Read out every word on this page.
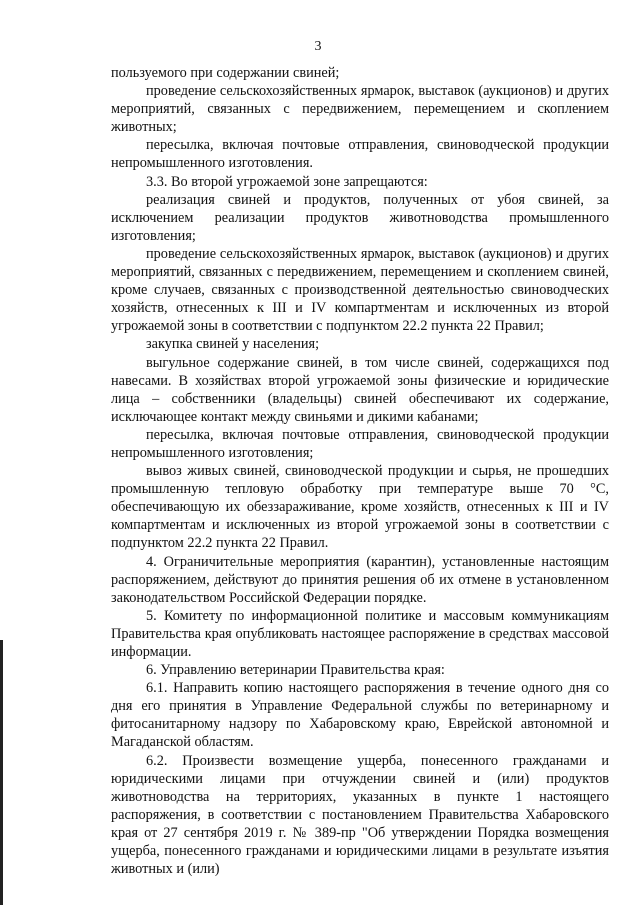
3

пользуемого при содержании свиней;

проведение сельскохозяйственных ярмарок, выставок (аукционов) и других мероприятий, связанных с передвижением, перемещением и скоплением животных;

пересылка, включая почтовые отправления, свиноводческой продукции непромышленного изготовления.

3.3. Во второй угрожаемой зоне запрещаются:

реализация свиней и продуктов, полученных от убоя свиней, за исключением реализации продуктов животноводства промышленного изготовления;

проведение сельскохозяйственных ярмарок, выставок (аукционов) и других мероприятий, связанных с передвижением, перемещением и скоплением свиней, кроме случаев, связанных с производственной деятельностью свиноводческих хозяйств, отнесенных к III и IV компартментам и исключенных из второй угрожаемой зоны в соответствии с подпунктом 22.2 пункта 22 Правил;

закупка свиней у населения;

выгульное содержание свиней, в том числе свиней, содержащихся под навесами. В хозяйствах второй угрожаемой зоны физические и юридические лица – собственники (владельцы) свиней обеспечивают их содержание, исключающее контакт между свиньями и дикими кабанами;

пересылка, включая почтовые отправления, свиноводческой продукции непромышленного изготовления;

вывоз живых свиней, свиноводческой продукции и сырья, не прошедших промышленную тепловую обработку при температуре выше 70 °С, обеспечивающую их обеззараживание, кроме хозяйств, отнесенных к III и IV компартментам и исключенных из второй угрожаемой зоны в соответствии с подпунктом 22.2 пункта 22 Правил.

4. Ограничительные мероприятия (карантин), установленные настоящим распоряжением, действуют до принятия решения об их отмене в установленном законодательством Российской Федерации порядке.

5. Комитету по информационной политике и массовым коммуникациям Правительства края опубликовать настоящее распоряжение в средствах массовой информации.

6. Управлению ветеринарии Правительства края:

6.1. Направить копию настоящего распоряжения в течение одного дня со дня его принятия в Управление Федеральной службы по ветеринарному и фитосанитарному надзору по Хабаровскому краю, Еврейской автономной и Магаданской областям.

6.2. Произвести возмещение ущерба, понесенного гражданами и юридическими лицами при отчуждении свиней и (или) продуктов животноводства на территориях, указанных в пункте 1 настоящего распоряжения, в соответствии с постановлением Правительства Хабаровского края от 27 сентября 2019 г. № 389-пр "Об утверждении Порядка возмещения ущерба, понесенного гражданами и юридическими лицами в результате изъятия животных и (или)
